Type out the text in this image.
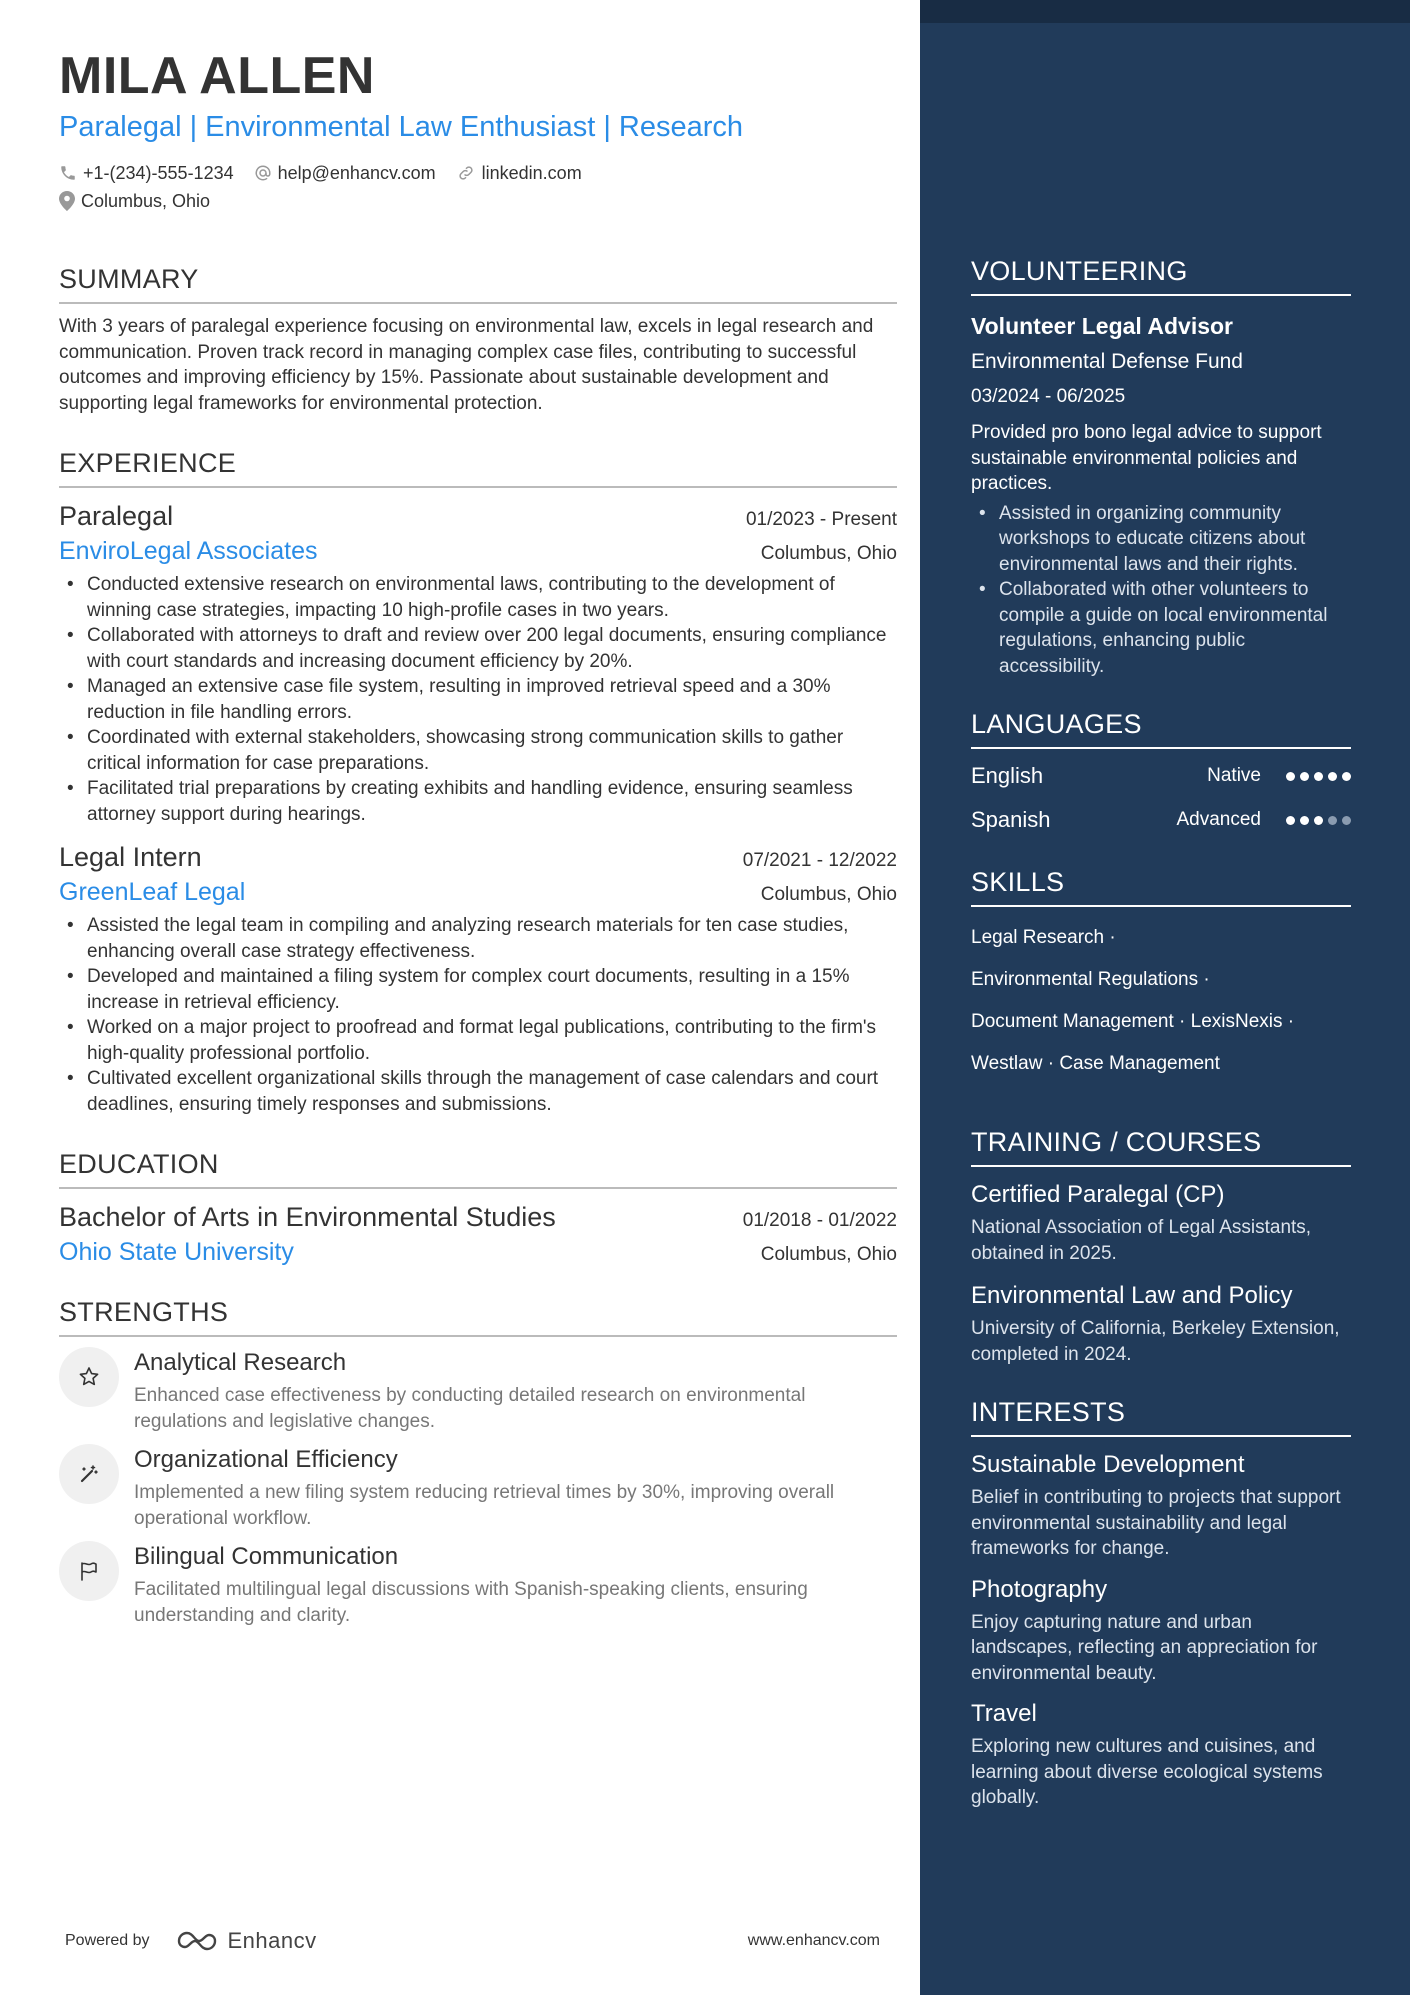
MILA ALLEN
Paralegal | Environmental Law Enthusiast | Research
+1-(234)-555-1234 help@enhancv.com	linkedin.com
Columbus, Ohio
SUMMARY
With 3 years of paralegal experience focusing on environmental law, excels in legal research and communication. Proven track record in managing complex case files, contributing to successful outcomes and improving efficiency by 15%. Passionate about sustainable development and supporting legal frameworks for environmental protection.
EXPERIENCE
Paralegal	01/2023 - Present
EnviroLegal Associates	Columbus, Ohio
• Conducted extensive research on environmental laws, contributing to the development of winning case strategies, impacting 10 high-profile cases in two years.
• Collaborated with attorneys to draft and review over 200 legal documents, ensuring compliance with court standards and increasing document efficiency by 20%.
• Managed an extensive case file system, resulting in improved retrieval speed and a 30% reduction in file handling errors.
• Coordinated with external stakeholders, showcasing strong communication skills to gather critical information for case preparations.
• Facilitated trial preparations by creating exhibits and handling evidence, ensuring seamless attorney support during hearings.
Legal Intern	07/2021 - 12/2022
GreenLeaf Legal	Columbus, Ohio
• Assisted the legal team in compiling and analyzing research materials for ten case studies, enhancing overall case strategy effectiveness.
• Developed and maintained a filing system for complex court documents, resulting in a 15% increase in retrieval efficiency.
• Worked on a major project to proofread and format legal publications, contributing to the firm's high-quality professional portfolio.
• Cultivated excellent organizational skills through the management of case calendars and court deadlines, ensuring timely responses and submissions.
EDUCATION
Bachelor of Arts in Environmental Studies	01/2018 - 01/2022
Ohio State University	Columbus, Ohio
STRENGTHS
Analytical Research
Enhanced case effectiveness by conducting detailed research on environmental regulations and legislative changes.
Organizational Efficiency
Implemented a new filing system reducing retrieval times by 30%, improving overall operational workflow.
Bilingual Communication
Facilitated multilingual legal discussions with Spanish-speaking clients, ensuring understanding and clarity.
Powered by	Enhancv	www.enhancv.com
VOLUNTEERING
Volunteer Legal Advisor
Environmental Defense Fund
03/2024 - 06/2025
Provided pro bono legal advice to support sustainable environmental policies and practices.
• Assisted in organizing community workshops to educate citizens about environmental laws and their rights.
• Collaborated with other volunteers to compile a guide on local environmental regulations, enhancing public accessibility.
LANGUAGES
English	Native
Spanish	Advanced
SKILLS
Legal Research ·
Environmental Regulations ·
Document Management · LexisNexis ·
Westlaw · Case Management
TRAINING / COURSES
Certified Paralegal (CP)
National Association of Legal Assistants, obtained in 2025.
Environmental Law and Policy
University of California, Berkeley Extension, completed in 2024.
INTERESTS
Sustainable Development
Belief in contributing to projects that support environmental sustainability and legal frameworks for change.
Photography
Enjoy capturing nature and urban landscapes, reflecting an appreciation for environmental beauty.
Travel
Exploring new cultures and cuisines, and learning about diverse ecological systems globally.
